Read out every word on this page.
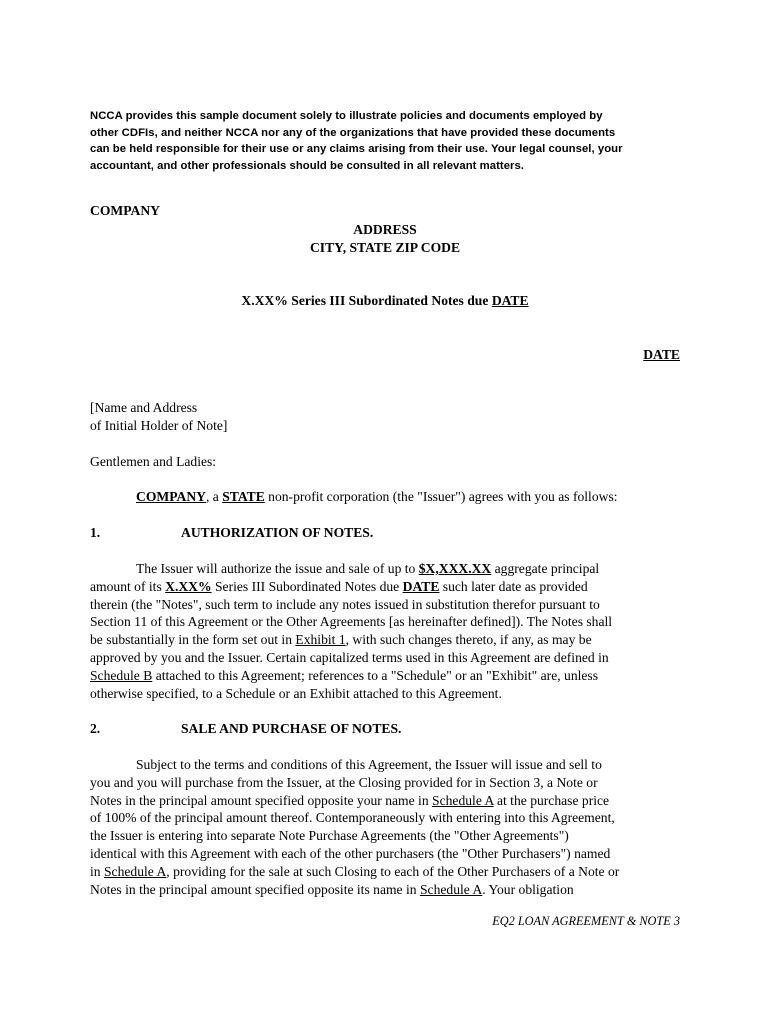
NCCA provides this sample document solely to illustrate policies and documents employed by
other CDFIs, and neither NCCA nor any of the organizations that have provided these documents
can be held responsible for their use or any claims arising from their use. Your legal counsel, your
accountant, and other professionals should be consulted in all relevant matters.
COMPANY
ADDRESS
CITY, STATE ZIP CODE
X.XX% Series III Subordinated Notes due DATE
DATE
[Name and Address
of Initial Holder of Note]
Gentlemen and Ladies:
COMPANY, a STATE non-profit corporation (the "Issuer") agrees with you as follows:
1.	AUTHORIZATION OF NOTES.
The Issuer will authorize the issue and sale of up to $X,XXX.XX aggregate principal
amount of its X.XX% Series III Subordinated Notes due DATE such later date as provided
therein (the "Notes", such term to include any notes issued in substitution therefor pursuant to
Section 11 of this Agreement or the Other Agreements [as hereinafter defined]). The Notes shall
be substantially in the form set out in Exhibit 1, with such changes thereto, if any, as may be
approved by you and the Issuer. Certain capitalized terms used in this Agreement are defined in
Schedule B attached to this Agreement; references to a "Schedule" or an "Exhibit" are, unless
otherwise specified, to a Schedule or an Exhibit attached to this Agreement.
2.	SALE AND PURCHASE OF NOTES.
Subject to the terms and conditions of this Agreement, the Issuer will issue and sell to
you and you will purchase from the Issuer, at the Closing provided for in Section 3, a Note or
Notes in the principal amount specified opposite your name in Schedule A at the purchase price
of 100% of the principal amount thereof. Contemporaneously with entering into this Agreement,
the Issuer is entering into separate Note Purchase Agreements (the "Other Agreements")
identical with this Agreement with each of the other purchasers (the "Other Purchasers") named
in Schedule A, providing for the sale at such Closing to each of the Other Purchasers of a Note or
Notes in the principal amount specified opposite its name in Schedule A. Your obligation
EQ2 LOAN AGREEMENT & NOTE 3
